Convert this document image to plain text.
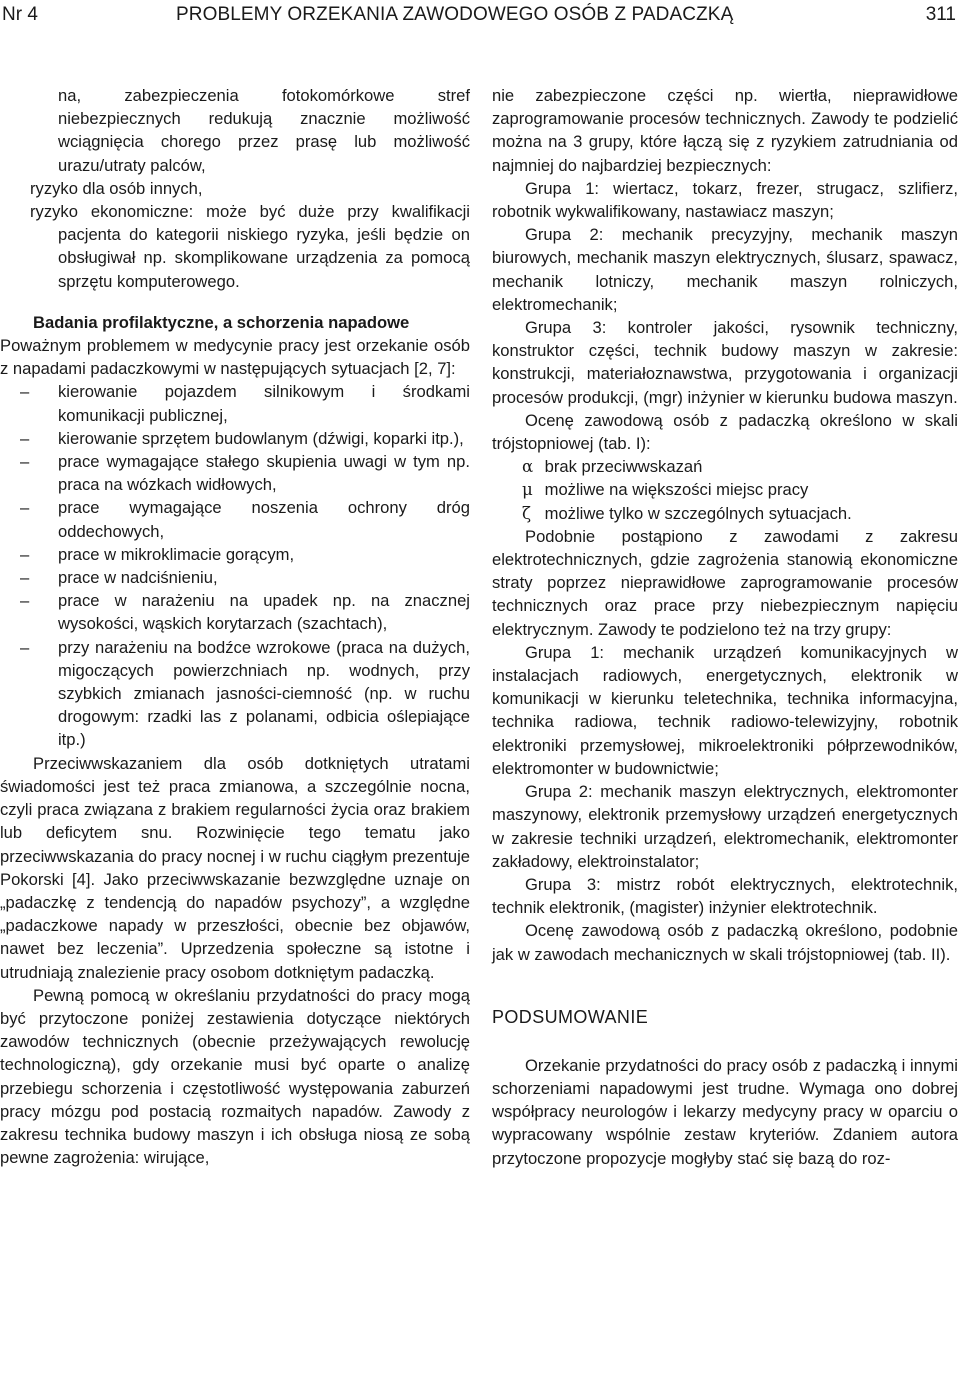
Nr 4	PROBLEMY ORZEKANIA ZAWODOWEGO OSÓB Z PADACZKĄ	311

na, zabezpieczenia fotokomórkowe stref niebezpiecznych redukują znacznie możliwość wciągnięcia chorego przez prasę lub możliwość urazu/utraty palców,

ryzyko dla osób innych,

ryzyko ekonomiczne: może być duże przy kwalifikacji pacjenta do kategorii niskiego ryzyka, jeśli będzie on obsługiwał np. skomplikowane urządzenia za pomocą sprzętu komputerowego.

Badania profilaktyczne, a schorzenia napadowe

Poważnym problemem w medycynie pracy jest orzekanie osób z napadami padaczkowymi w następujących sytuacjach [2, 7]:

– kierowanie pojazdem silnikowym i środkami komunikacji publicznej,
– kierowanie sprzętem budowlanym (dźwigi, koparki itp.),
– prace wymagające stałego skupienia uwagi w tym np. praca na wózkach widłowych,
– prace wymagające noszenia ochrony dróg oddechowych,
– prace w mikroklimacie gorącym,
– prace w nadciśnieniu,
– prace w narażeniu na upadek np. na znacznej wysokości, wąskich korytarzach (szachtach),
– przy narażeniu na bodźce wzrokowe (praca na dużych, migoczących powierzchniach np. wodnych, przy szybkich zmianach jasności-ciemność (np. w ruchu drogowym: rzadki las z polanami, odbicia oślepiające itp.)

Przeciwwskazaniem dla osób dotkniętych utratami świadomości jest też praca zmianowa, a szczególnie nocna, czyli praca związana z brakiem regularności życia oraz brakiem lub deficytem snu. Rozwinięcie tego tematu jako przeciwwskazania do pracy nocnej i w ruchu ciągłym prezentuje Pokorski [4]. Jako przeciwwskazanie bezwzględne uznaje on „padaczkę z tendencją do napadów psychozy”, a względne „padaczkowe napady w przeszłości, obecnie bez objawów, nawet bez leczenia”. Uprzedzenia społeczne są istotne i utrudniają znalezienie pracy osobom dotkniętym padaczką.

Pewną pomocą w określaniu przydatności do pracy mogą być przytoczone poniżej zestawienia dotyczące niektórych zawodów technicznych (obecnie przeżywających rewolucję technologiczną), gdy orzekanie musi być oparte o analizę przebiegu schorzenia i częstotliwość występowania zaburzeń pracy mózgu pod postacią rozmaitych napadów. Zawody z zakresu technika budowy maszyn i ich obsługa niosą ze sobą pewne zagrożenia: wirujące,

nie zabezpieczone części np. wiertła, nieprawidłowe zaprogramowanie procesów technicznych. Zawody te podzielić można na 3 grupy, które łączą się z ryzykiem zatrudniania od najmniej do najbardziej bezpiecznych:

Grupa 1: wiertacz, tokarz, frezer, strugacz, szlifierz, robotnik wykwalifikowany, nastawiacz maszyn;

Grupa 2: mechanik precyzyjny, mechanik maszyn biurowych, mechanik maszyn elektrycznych, ślusarz, spawacz, mechanik lotniczy, mechanik maszyn rolniczych, elektromechanik;

Grupa 3: kontroler jakości, rysownik techniczny, konstruktor części, technik budowy maszyn w zakresie: konstrukcji, materiałoznawstwa, przygotowania i organizacji procesów produkcji, (mgr) inżynier w kierunku budowa maszyn.

Ocenę zawodową osób z padaczką określono w skali trójstopniowej (tab. I):

α brak przeciwwskazań
μ możliwe na większości miejsc pracy
ζ możliwe tylko w szczególnych sytuacjach.

Podobnie postąpiono z zawodami z zakresu elektrotechnicznych, gdzie zagrożenia stanowią ekonomiczne straty poprzez nieprawidłowe zaprogramowanie procesów technicznych oraz prace przy niebezpiecznym napięciu elektrycznym. Zawody te podzielono też na trzy grupy:

Grupa 1: mechanik urządzeń komunikacyjnych w instalacjach radiowych, energetycznych, elektronik w komunikacji w kierunku teletechnika, technika informacyjna, technika radiowa, technik radiowo-telewizyjny, robotnik elektroniki przemysłowej, mikroelektroniki półprzewodników, elektromonter w budownictwie;

Grupa 2: mechanik maszyn elektrycznych, elektromonter maszynowy, elektronik przemysłowy urządzeń energetycznych w zakresie techniki urządzeń, elektromechanik, elektromonter zakładowy, elektroinstalator;

Grupa 3: mistrz robót elektrycznych, elektrotechnik, technik elektronik, (magister) inżynier elektrotechnik.

Ocenę zawodową osób z padaczką określono, podobnie jak w zawodach mechanicznych w skali trójstopniowej (tab. II).

PODSUMOWANIE

Orzekanie przydatności do pracy osób z padaczką i innymi schorzeniami napadowymi jest trudne. Wymaga ono dobrej współpracy neurologów i lekarzy medycyny pracy w oparciu o wypracowany wspólnie zestaw kryteriów. Zdaniem autora przytoczone propozycje mogłyby stać się bazą do roz-
